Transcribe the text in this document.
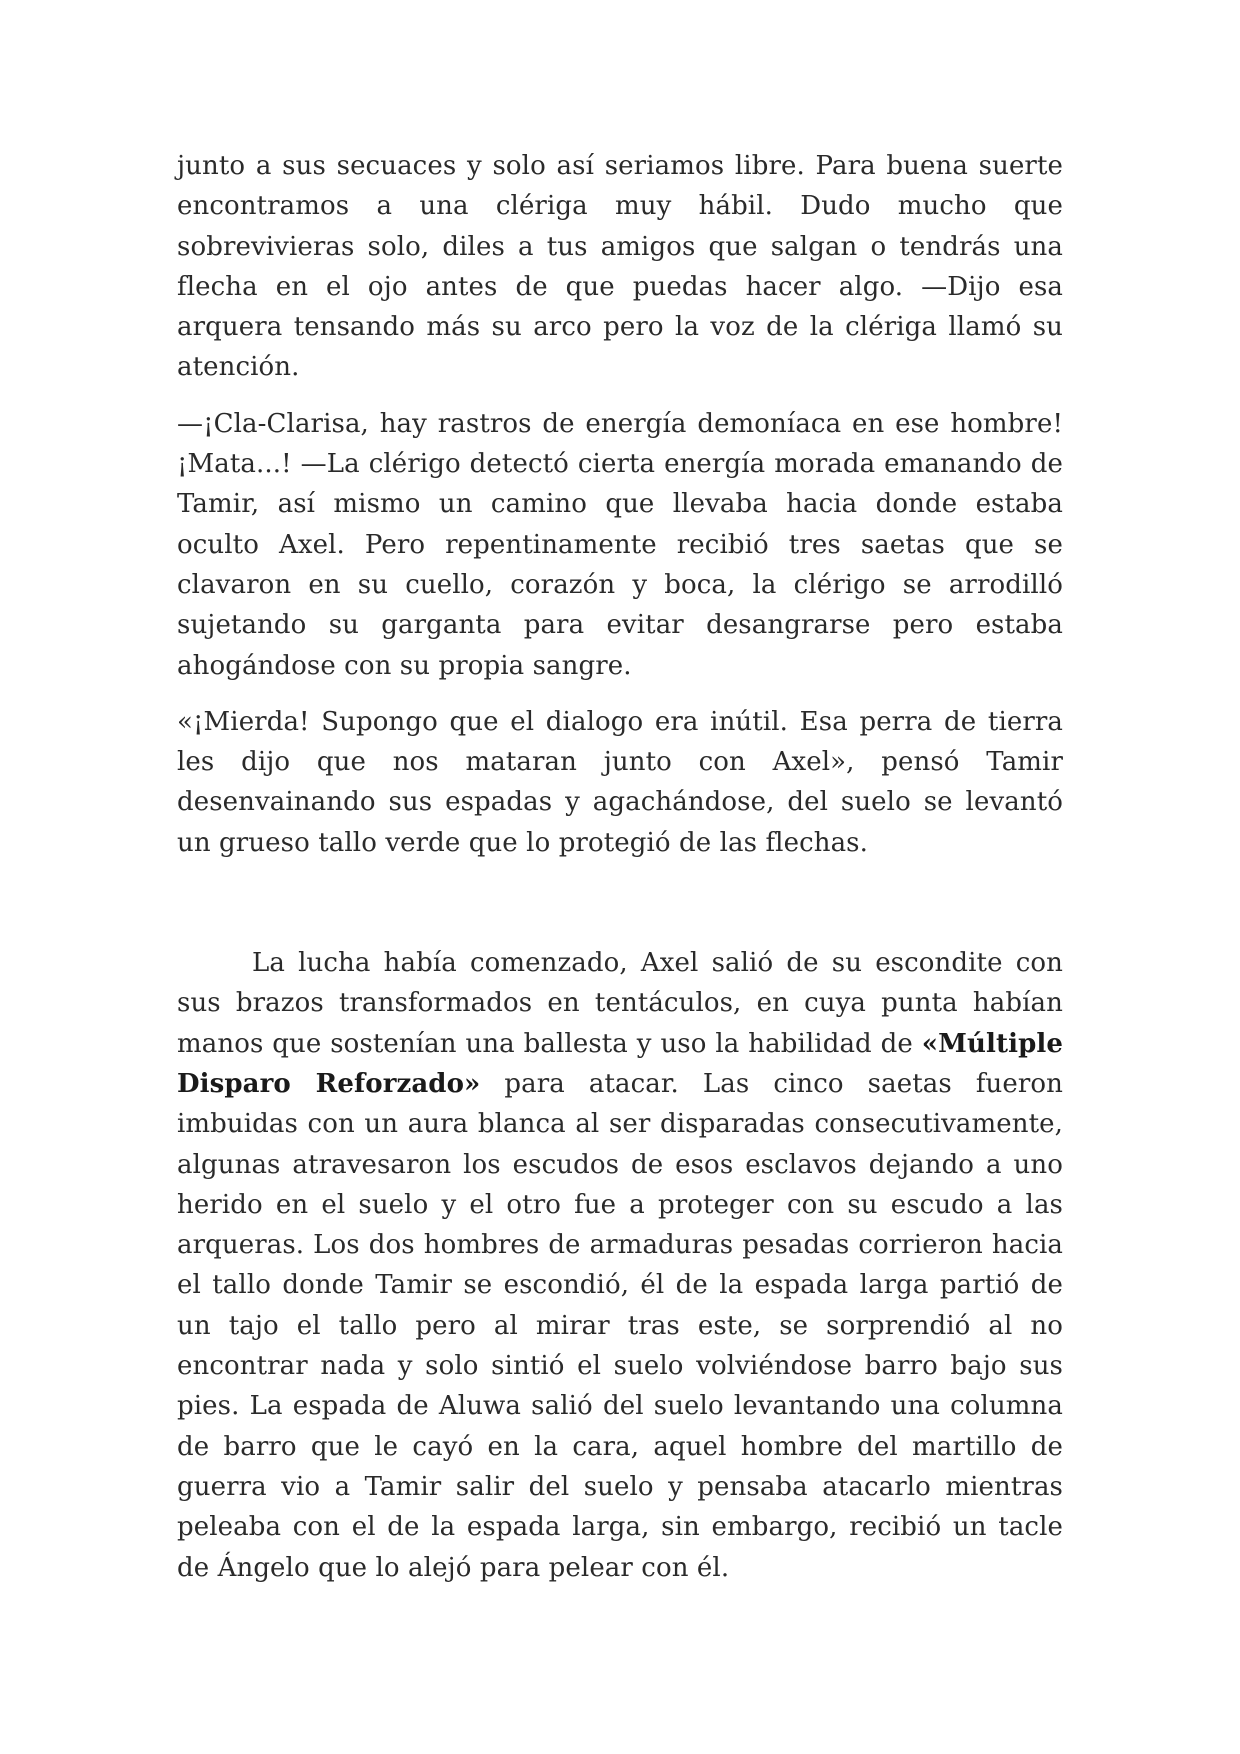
junto a sus secuaces y solo así seriamos libre. Para buena suerte encontramos a una clériga muy hábil. Dudo mucho que sobrevivieras solo, diles a tus amigos que salgan o tendrás una flecha en el ojo antes de que puedas hacer algo. —Dijo esa arquera tensando más su arco pero la voz de la clériga llamó su atención.

—¡Cla-Clarisa, hay rastros de energía demoníaca en ese hombre! ¡Mata...! —La clérigo detectó cierta energía morada emanando de Tamir, así mismo un camino que llevaba hacia donde estaba oculto Axel. Pero repentinamente recibió tres saetas que se clavaron en su cuello, corazón y boca, la clérigo se arrodilló sujetando su garganta para evitar desangrarse pero estaba ahogándose con su propia sangre.

«¡Mierda! Supongo que el dialogo era inútil. Esa perra de tierra les dijo que nos mataran junto con Axel», pensó Tamir desenvainando sus espadas y agachándose, del suelo se levantó un grueso tallo verde que lo protegió de las flechas.

La lucha había comenzado, Axel salió de su escondite con sus brazos transformados en tentáculos, en cuya punta habían manos que sostenían una ballesta y uso la habilidad de «Múltiple Disparo Reforzado» para atacar. Las cinco saetas fueron imbuidas con un aura blanca al ser disparadas consecutivamente, algunas atravesaron los escudos de esos esclavos dejando a uno herido en el suelo y el otro fue a proteger con su escudo a las arqueras. Los dos hombres de armaduras pesadas corrieron hacia el tallo donde Tamir se escondió, él de la espada larga partió de un tajo el tallo pero al mirar tras este, se sorprendió al no encontrar nada y solo sintió el suelo volviéndose barro bajo sus pies. La espada de Aluwa salió del suelo levantando una columna de barro que le cayó en la cara, aquel hombre del martillo de guerra vio a Tamir salir del suelo y pensaba atacarlo mientras peleaba con el de la espada larga, sin embargo, recibió un tacle de Ángelo que lo alejó para pelear con él.
